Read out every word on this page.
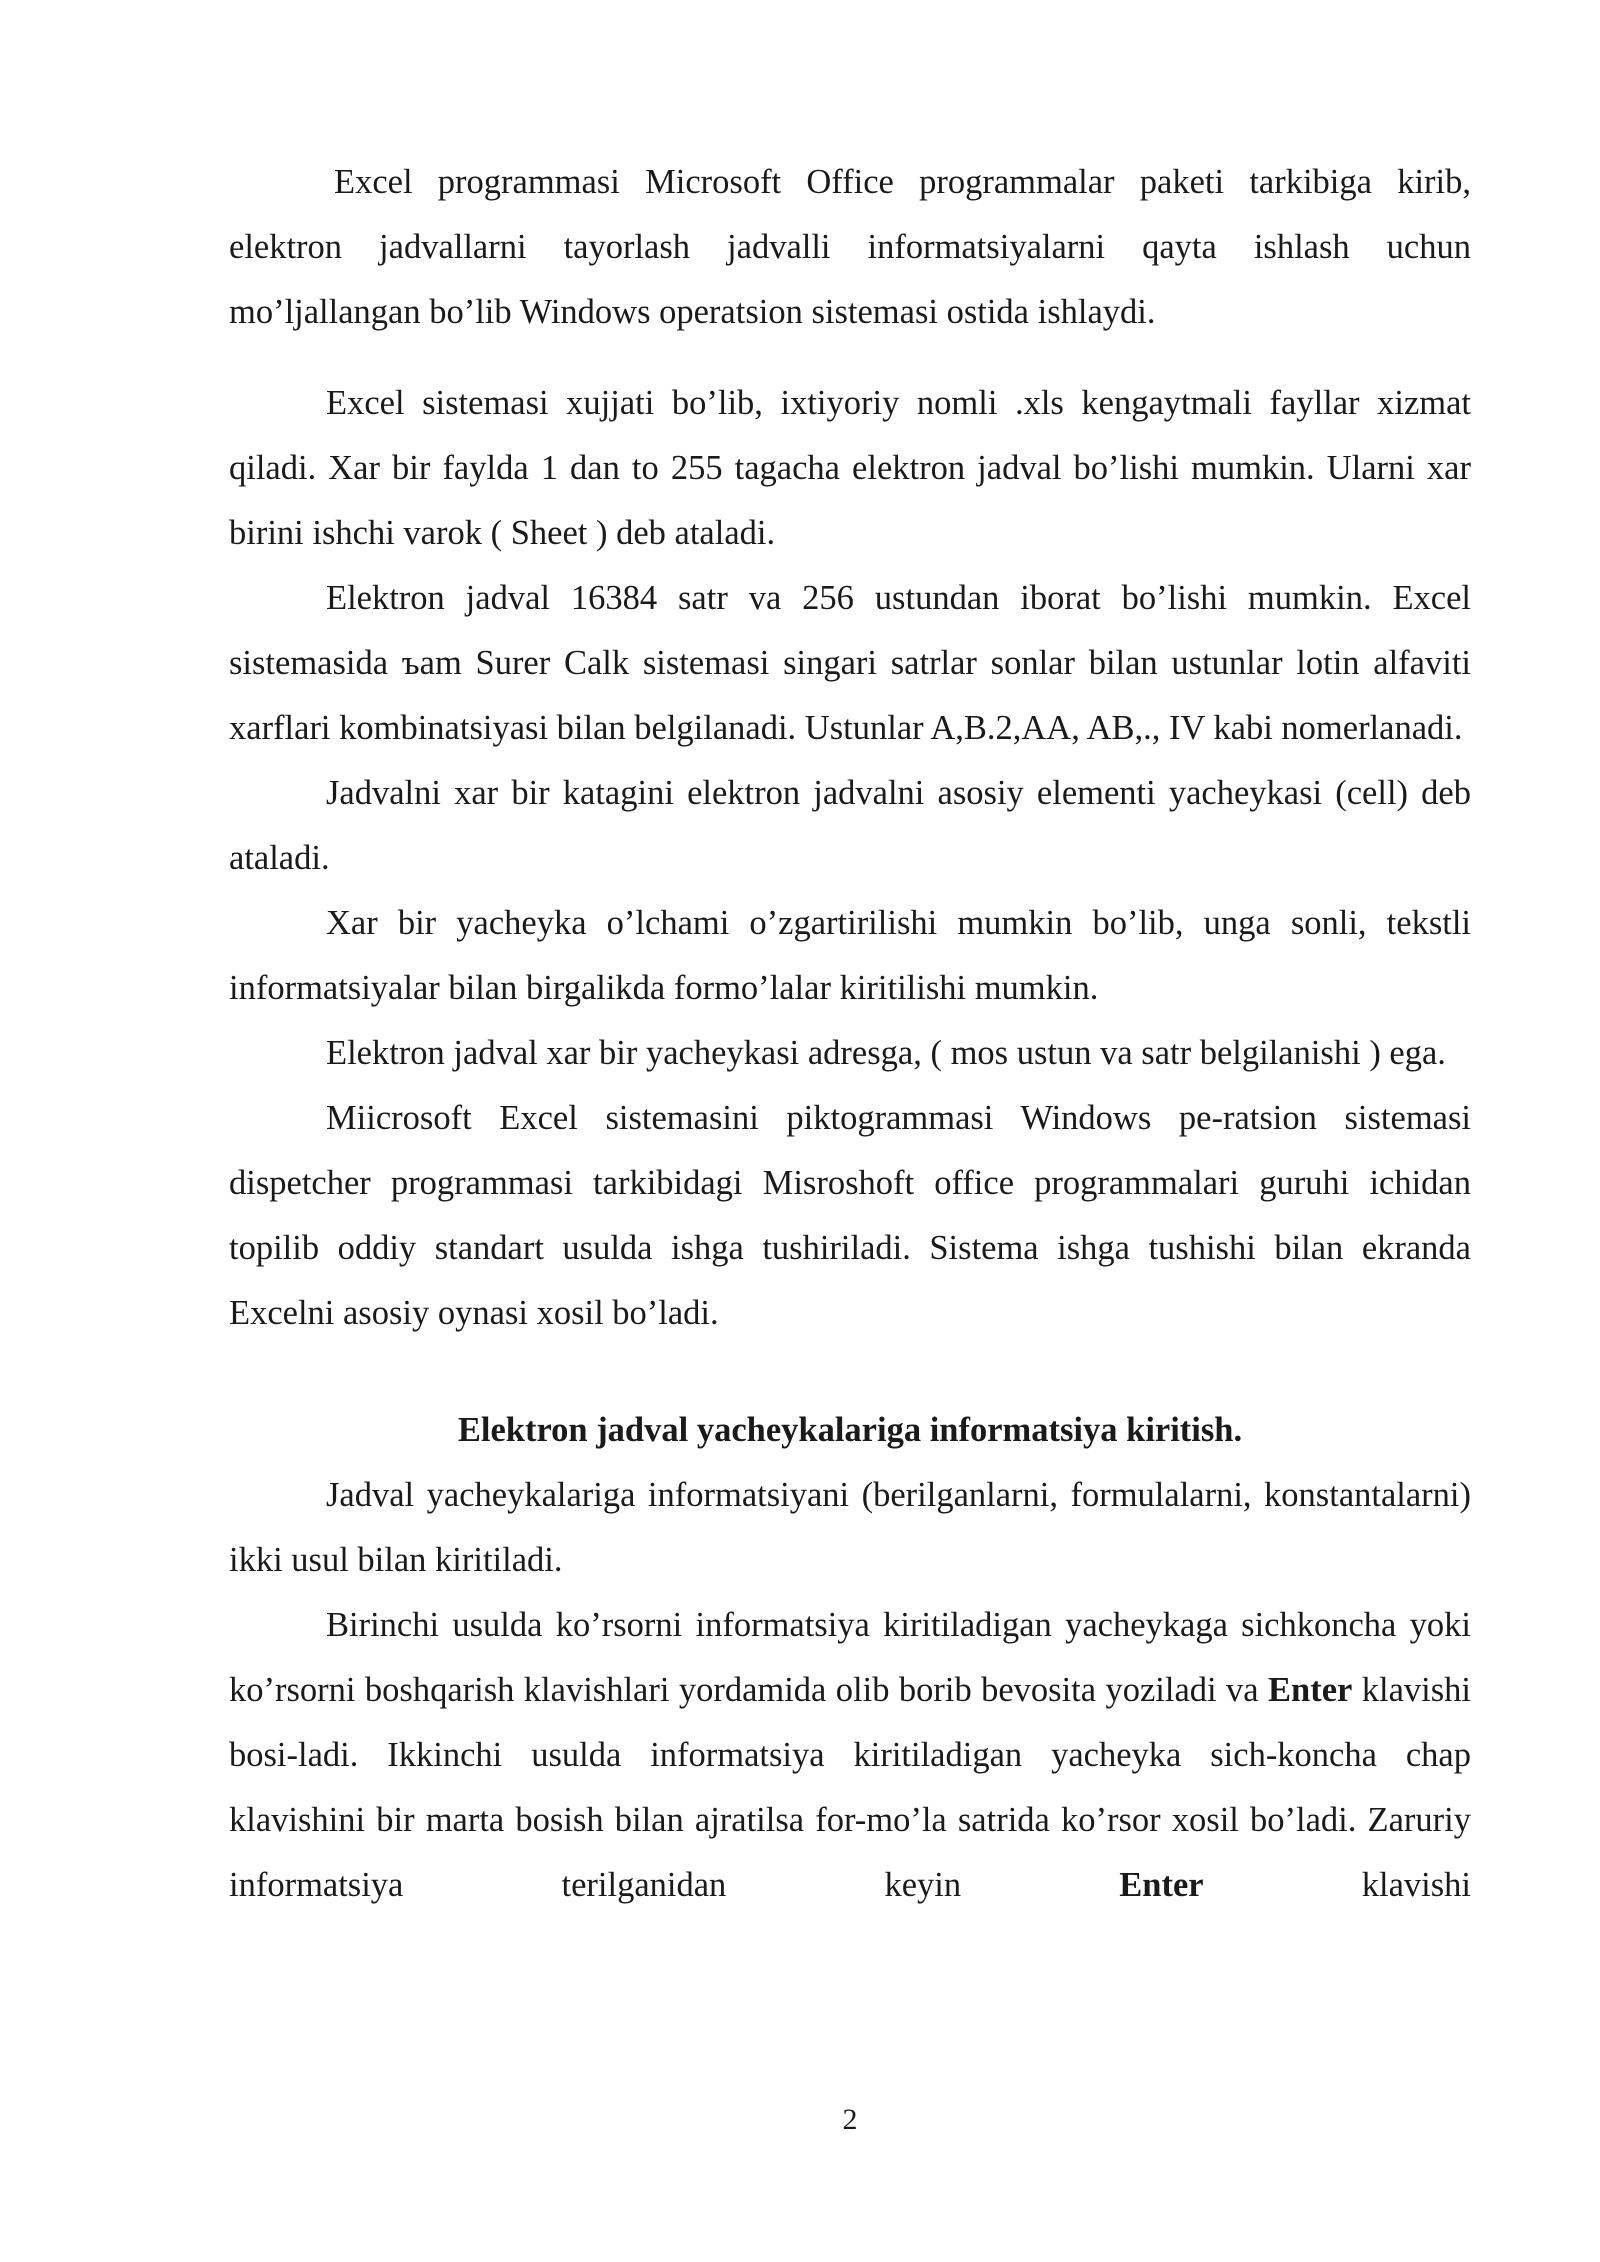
Excel programmasi Microsoft Office programmalar paketi tarkibiga kirib, elektron jadvallarni tayorlash jadvalli informatsiyalarni qayta ishlash uchun mo’ljallangan bo’lib Windows operatsion sistemasi ostida ishlaydi.

Excel sistemasi xujjati bo’lib, ixtiyoriy nomli .xls kengaytmali fayllar xizmat qiladi. Xar bir faylda 1 dan to 255 tagacha elektron jadval bo’lishi mumkin. Ularni xar birini ishchi varok ( Sheet ) deb ataladi.

Elektron jadval 16384 satr va 256 ustundan iborat bo’lishi mumkin. Excel sistemasida ъam Surer Calk sistemasi singari satrlar sonlar bilan ustunlar lotin alfaviti xarflari kombinatsiyasi bilan belgilanadi. Ustunlar A,B.2,AA, AB,., IV kabi nomerlanadi.

Jadvalni xar bir katagini elektron jadvalni asosiy elementi yacheykasi (cell) deb ataladi.

Xar bir yacheyka o’lchami o’zgartirilishi mumkin bo’lib, unga sonli, tekstli informatsiyalar bilan birgalikda formo’lalar kiritilishi mumkin.

Elektron jadval xar bir yacheykasi adresga, ( mos ustun va satr belgilanishi ) ega.

Miicrosoft Excel sistemasini piktogrammasi Windows pe-ratsion sistemasi dispetcher programmasi tarkibidagi Misroshoft office programmalari guruhi ichidan topilib oddiy standart usulda ishga tushiriladi. Sistema ishga tushishi bilan ekranda Excelni asosiy oynasi xosil bo’ladi.

Elektron jadval yacheykalariga informatsiya kiritish.

Jadval yacheykalariga informatsiyani (berilganlarni, formulalarni, konstantalarni) ikki usul bilan kiritiladi.

Birinchi usulda ko’rsorni informatsiya kiritiladigan yacheykaga sichkoncha yoki ko’rsorni boshqarish klavishlari yordamida olib borib bevosita yoziladi va Enter klavishi bosi-ladi. Ikkinchi usulda informatsiya kiritiladigan yacheyka sich-koncha chap klavishini bir marta bosish bilan ajratilsa for-mo’la satrida ko’rsor xosil bo’ladi. Zaruriy informatsiya terilganidan keyin Enter klavishi

2
